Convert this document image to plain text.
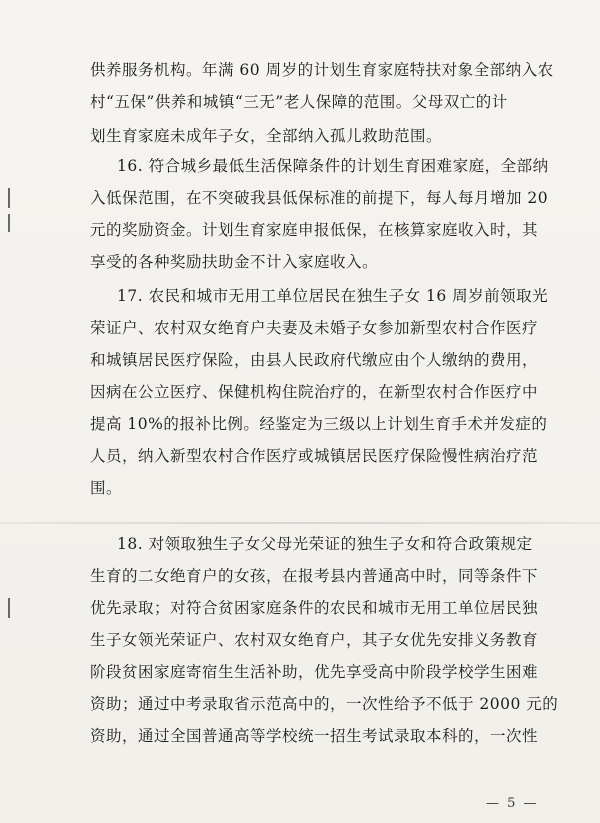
供养服务机构。年满 60 周岁的计划生育家庭特扶对象全部纳入农
村“五保”供养和城镇“三无”老人保障的范围。父母双亡的计
划生育家庭未成年子女，全部纳入孤儿救助范围。
16. 符合城乡最低生活保障条件的计划生育困难家庭，全部纳
入低保范围，在不突破我县低保标准的前提下，每人每月增加 20
元的奖励资金。计划生育家庭申报低保，在核算家庭收入时，其
享受的各种奖励扶助金不计入家庭收入。
17. 农民和城市无用工单位居民在独生子女 16 周岁前领取光
荣证户、农村双女绝育户夫妻及未婚子女参加新型农村合作医疗
和城镇居民医疗保险，由县人民政府代缴应由个人缴纳的费用，
因病在公立医疗、保健机构住院治疗的，在新型农村合作医疗中
提高 10%的报补比例。经鉴定为三级以上计划生育手术并发症的
人员，纳入新型农村合作医疗或城镇居民医疗保险慢性病治疗范
围。
18. 对领取独生子女父母光荣证的独生子女和符合政策规定
生育的二女绝育户的女孩，在报考县内普通高中时，同等条件下
优先录取；对符合贫困家庭条件的农民和城市无用工单位居民独
生子女领光荣证户、农村双女绝育户，其子女优先安排义务教育
阶段贫困家庭寄宿生生活补助，优先享受高中阶段学校学生困难
资助；通过中考录取省示范高中的，一次性给予不低于 2000 元的
资助，通过全国普通高等学校统一招生考试录取本科的，一次性
— 5 —
